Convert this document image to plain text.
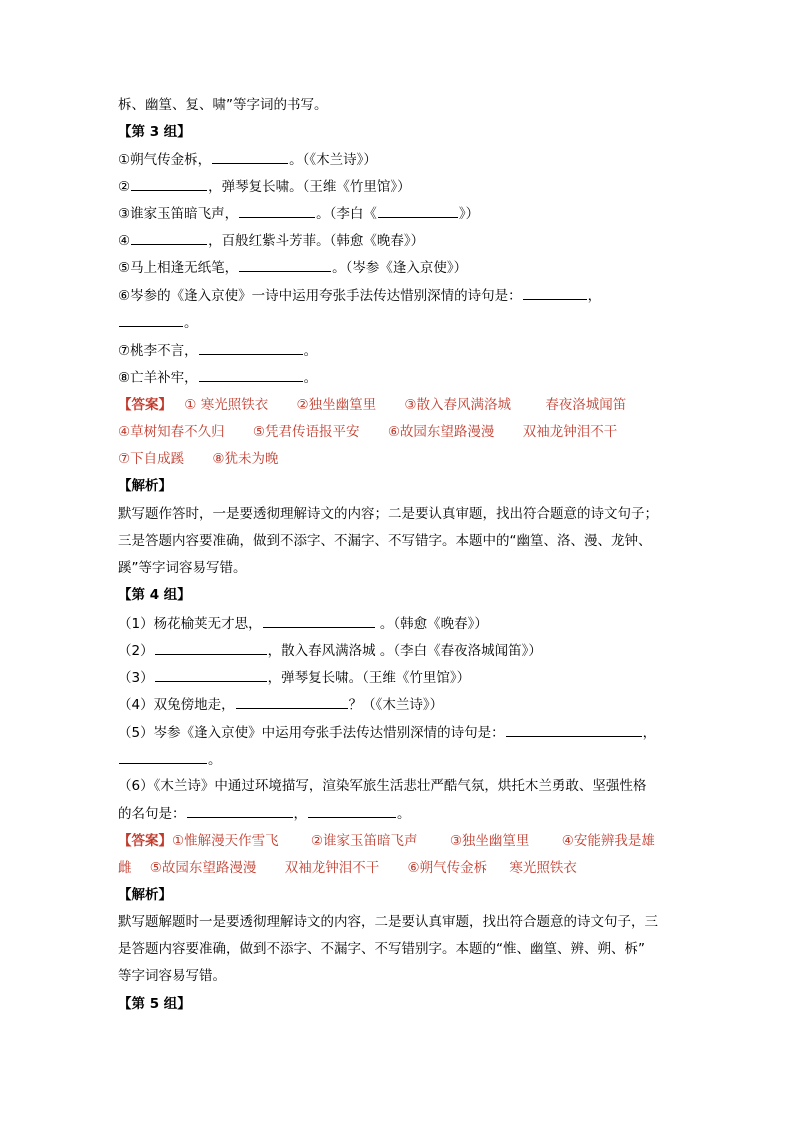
柝、幽篁、复、啸”等字词的书写。
【第 3 组】
①朔气传金柝，	。（《木兰诗》）
②	，弹琴复长啸。（王维《竹里馆》）
③谁家玉笛暗飞声，	。（李白《	》）
④	，百般红紫斗芳菲。（韩愈《晚春》）
⑤马上相逢无纸笔，	。（岑参《逢入京使》）
⑥岑参的《逢入京使》一诗中运用夸张手法传达惜别深情的诗句是：	，
。
⑦桃李不言，	。
⑧亡羊补牢，	。
【答案】 ① 寒光照铁衣 ②独坐幽篁里 ③散入春风满洛城	春夜洛城闻笛
④草树知春不久归 ⑤凭君传语报平安 ⑥故园东望路漫漫 双袖龙钟泪不干
⑦下自成蹊 ⑧犹未为晚
【解析】
默写题作答时，一是要透彻理解诗文的内容；二是要认真审题，找出符合题意的诗文句子；
三是答题内容要准确，做到不添字、不漏字、不写错字。本题中的“幽篁、洛、漫、龙钟、
蹊”等字词容易写错。
【第 4 组】
（1）杨花榆荚无才思，	。（韩愈《晚春》）
（2）	，散入春风满洛城 。（李白《春夜洛城闻笛》）
（3）	，弹琴复长啸。（王维《竹里馆》）
（4）双兔傍地走，	？（《木兰诗》）
（5）岑参《逢入京使》中运用夸张手法传达惜别深情的诗句是：	，
。
（6）《木兰诗》中通过环境描写，渲染军旅生活悲壮严酷气氛，烘托木兰勇敢、坚强性格
的名句是：	，	。
【答案】①惟解漫天作雪飞 ②谁家玉笛暗飞声 ③独坐幽篁里 ④安能辨我是雄
雌 ⑤故园东望路漫漫 双袖龙钟泪不干 ⑥朔气传金柝 寒光照铁衣
【解析】
默写题解题时一是要透彻理解诗文的内容，二是要认真审题，找出符合题意的诗文句子，三
是答题内容要准确，做到不添字、不漏字、不写错别字。本题的“惟、幽篁、辨、朔、柝”
等字词容易写错。
【第 5 组】
